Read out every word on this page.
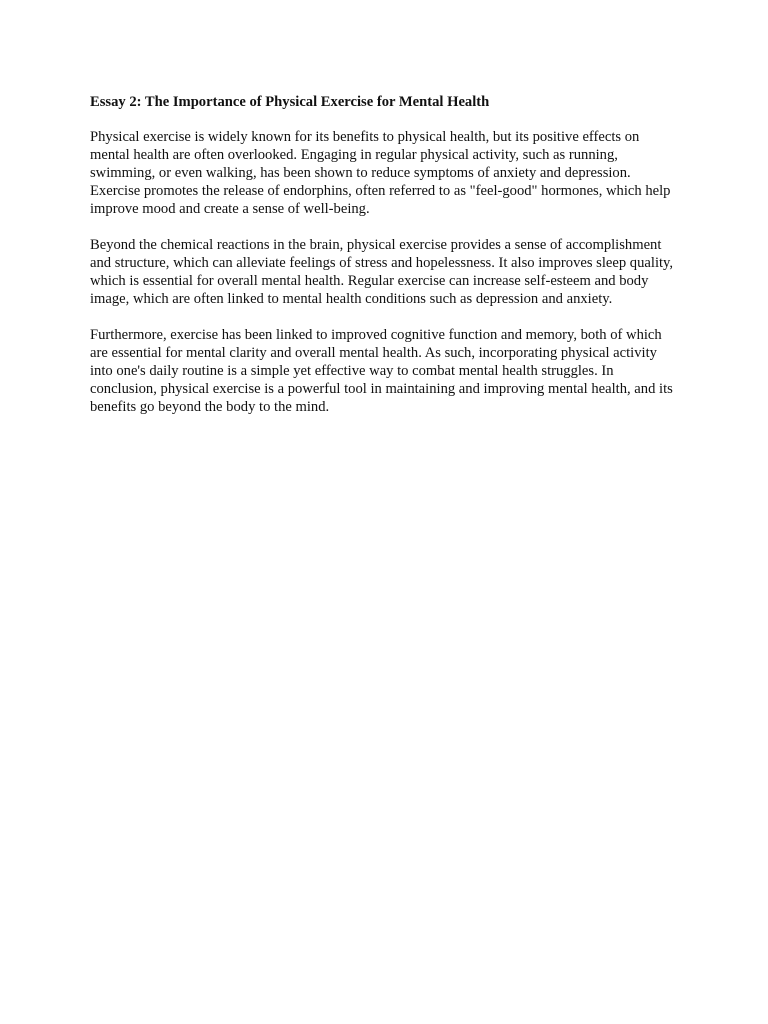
Essay 2: The Importance of Physical Exercise for Mental Health

Physical exercise is widely known for its benefits to physical health, but its positive effects on mental health are often overlooked. Engaging in regular physical activity, such as running, swimming, or even walking, has been shown to reduce symptoms of anxiety and depression. Exercise promotes the release of endorphins, often referred to as "feel-good" hormones, which help improve mood and create a sense of well-being.

Beyond the chemical reactions in the brain, physical exercise provides a sense of accomplishment and structure, which can alleviate feelings of stress and hopelessness. It also improves sleep quality, which is essential for overall mental health. Regular exercise can increase self-esteem and body image, which are often linked to mental health conditions such as depression and anxiety.

Furthermore, exercise has been linked to improved cognitive function and memory, both of which are essential for mental clarity and overall mental health. As such, incorporating physical activity into one's daily routine is a simple yet effective way to combat mental health struggles. In conclusion, physical exercise is a powerful tool in maintaining and improving mental health, and its benefits go beyond the body to the mind.
